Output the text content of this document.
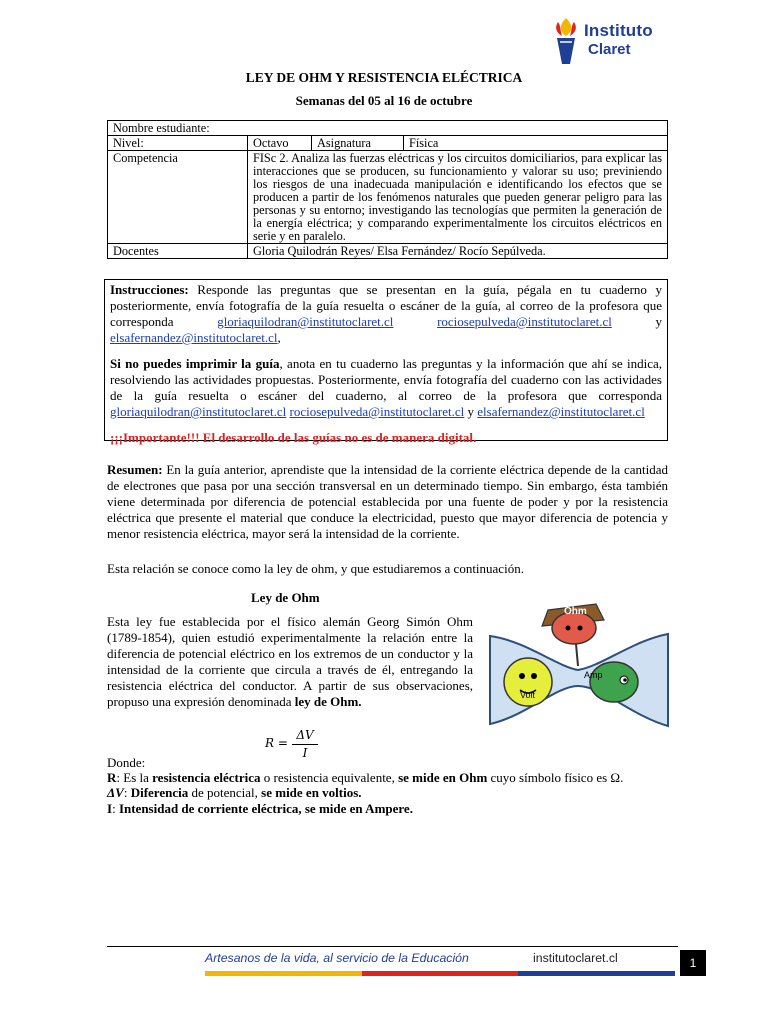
Instituto
Claret
LEY DE OHM Y RESISTENCIA ELÉCTRICA
Semanas del 05 al 16 de octubre
Nombre estudiante:			
Nivel:	Octavo	Asignatura	Física
Competencia	FISc 2. Analiza las fuerzas eléctricas y los circuitos domiciliarios, para explicar las interacciones que se producen, su funcionamiento y valorar su uso; previniendo los riesgos de una inadecuada manipulación e identificando los efectos que se producen a partir de los fenómenos naturales que pueden generar peligro para las personas y su entorno; investigando las tecnologías que permiten la generación de la energía eléctrica; y comparando experimentalmente los circuitos eléctricos en serie y en paralelo.		
Docentes	Gloria Quilodrán Reyes/ Elsa Fernández/ Rocío Sepúlveda.		

Instrucciones: Responde las preguntas que se presentan en la guía, pégala en tu cuaderno y posteriormente, envía fotografía de la guía resuelta o escáner de la guía, al correo de la profesora que corresponda gloriaquilodran@institutoclaret.cl	rociosepulveda@institutoclaret.cl y elsafernandez@institutoclaret.cl,

Si no puedes imprimir la guía, anota en tu cuaderno las preguntas y la información que ahí se indica, resolviendo las actividades propuestas. Posteriormente, envía fotografía del cuaderno con las actividades de la guía resuelta o escáner del cuaderno, al correo de la profesora que corresponda gloriaquilodran@institutoclaret.cl rociosepulveda@institutoclaret.cl y elsafernandez@institutoclaret.cl

¡¡¡Importante!!! El desarrollo de las guías no es de manera digital.

Resumen: En la guía anterior, aprendiste que la intensidad de la corriente eléctrica depende de la cantidad de electrones que pasa por una sección transversal en un determinado tiempo. Sin embargo, ésta también viene determinada por diferencia de potencial establecida por una fuente de poder y por la resistencia eléctrica que presente el material que conduce la electricidad, puesto que mayor diferencia de potencia y menor resistencia eléctrica, mayor será la intensidad de la corriente.
Esta relación se conoce como la ley de ohm, y que estudiaremos a continuación.
Ley de Ohm
Esta ley fue establecida por el físico alemán Georg Simón Ohm (1789-1854), quien estudió experimentalmente la relación entre la diferencia de potencial eléctrico en los extremos de un conductor y la intensidad de la corriente que circula a través de él, entregando la resistencia eléctrica del conductor. A partir de sus observaciones, propuso una expresión denominada ley de Ohm.	Volt
Amp
Ohm
R =
ΔV
I
Donde:
R: Es la resistencia eléctrica o resistencia equivalente, se mide en Ohm cuyo símbolo físico es Ω.
ΔV: Diferencia de potencial, se mide en voltios.
I: Intensidad de corriente eléctrica, se mide en Ampere.
Artesanos de la vida, al servicio de la Educación	institutoclaret.cl	1
